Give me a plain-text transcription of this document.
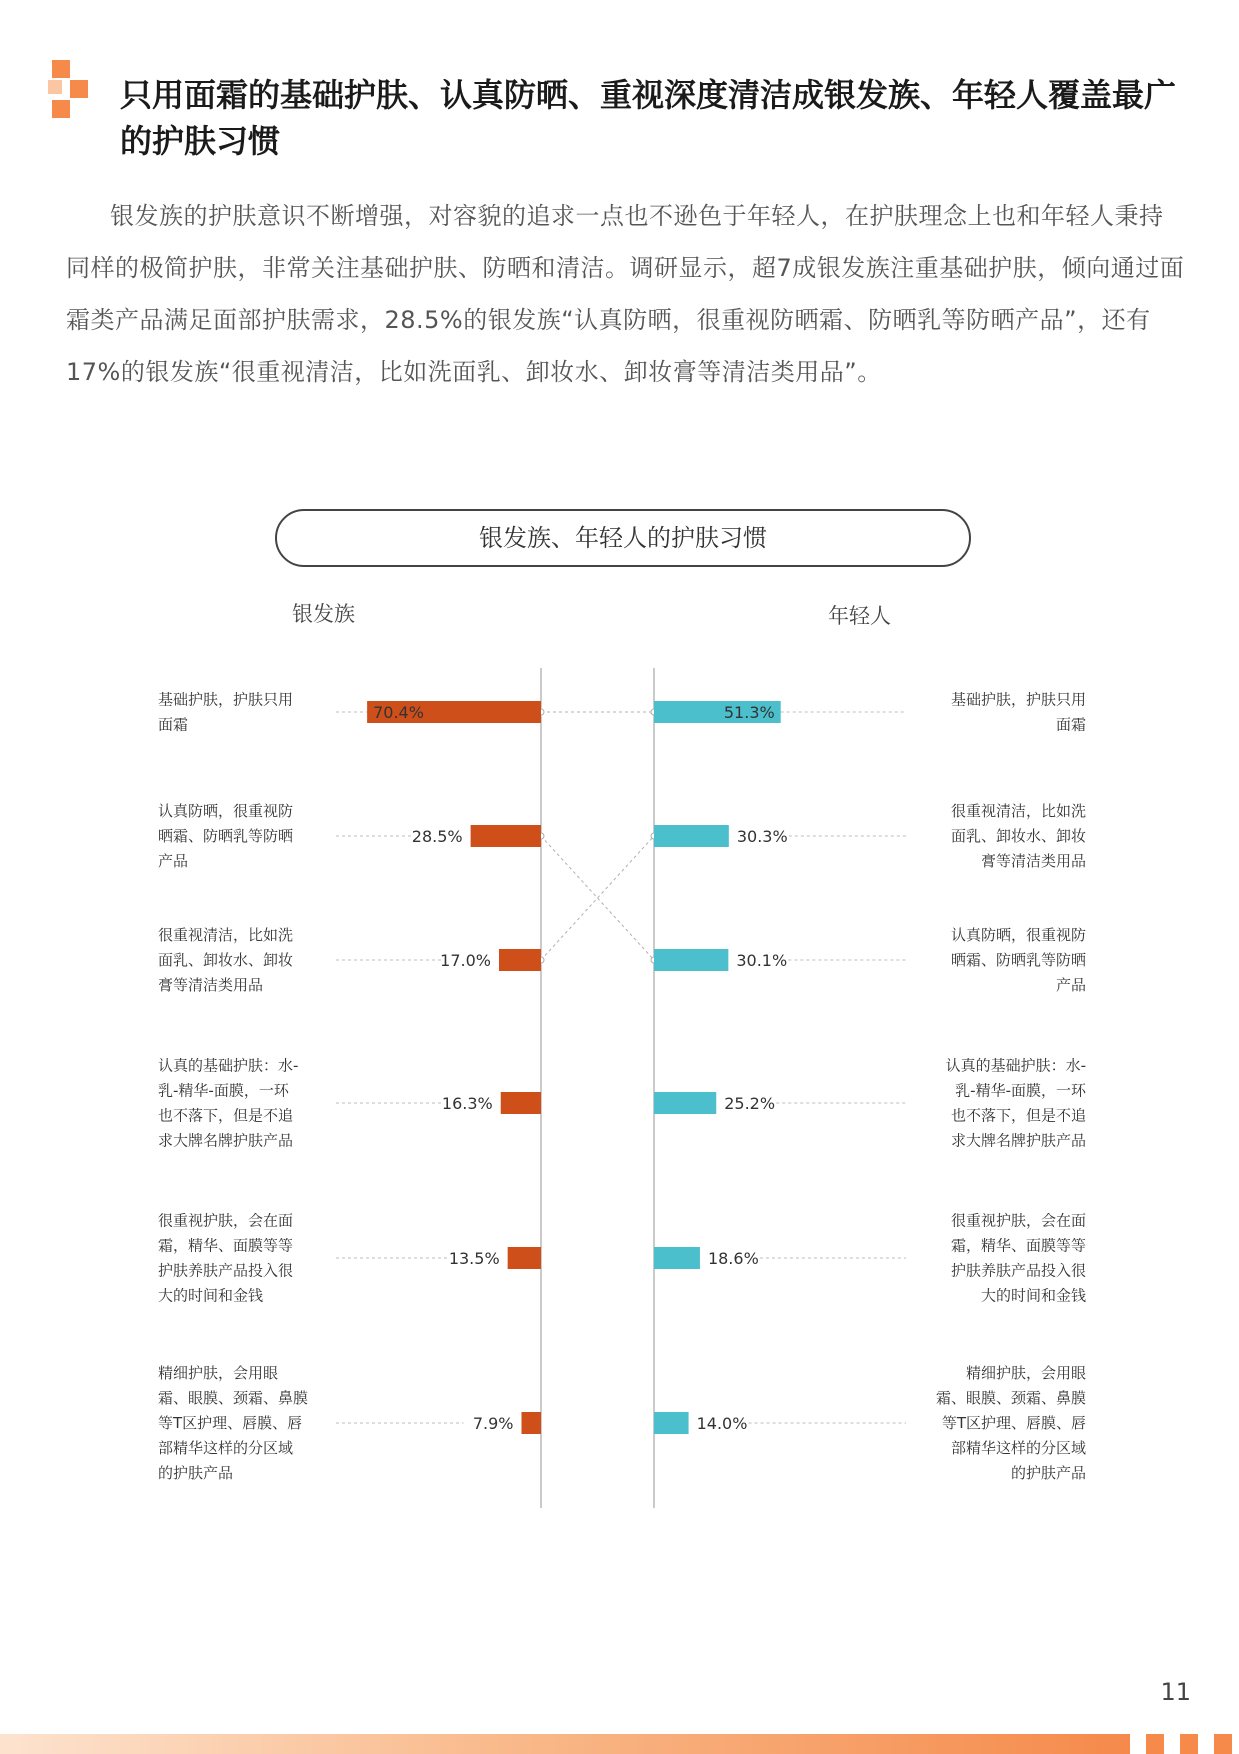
只用面霜的基础护肤、认真防晒、重视深度清洁成银发族、年轻人覆盖最广的护肤习惯
银发族的护肤意识不断增强，对容貌的追求一点也不逊色于年轻人，在护肤理念上也和年轻人秉持同样的极简护肤，非常关注基础护肤、防晒和清洁。调研显示，超7成银发族注重基础护肤，倾向通过面霜类产品满足面部护肤需求，28.5%的银发族“认真防晒，很重视防晒霜、防晒乳等防晒产品”，还有17%的银发族“很重视清洁，比如洗面乳、卸妆水、卸妆膏等清洁类用品”。
银发族、年轻人的护肤习惯
银发族	年轻人
70.4%
基础护肤，护肤只用
面霜
28.5%
认真防晒，很重视防
晒霜、防晒乳等防晒
产品
17.0%
很重视清洁，比如洗
面乳、卸妆水、卸妆
膏等清洁类用品
16.3%
认真的基础护肤：水-
乳-精华-面膜，一环
也不落下，但是不追
求大牌名牌护肤产品
13.5%
很重视护肤，会在面
霜，精华、面膜等等
护肤养肤产品投入很
大的时间和金钱
7.9%
精细护肤，会用眼
霜、眼膜、颈霜、鼻膜
等T区护理、唇膜、唇
部精华这样的分区域
的护肤产品
51.3%
基础护肤，护肤只用
面霜
30.3%
很重视清洁，比如洗
面乳、卸妆水、卸妆
膏等清洁类用品
30.1%
认真防晒，很重视防
晒霜、防晒乳等防晒
产品
25.2%
认真的基础护肤：水-
乳-精华-面膜，一环
也不落下，但是不追
求大牌名牌护肤产品
18.6%
很重视护肤，会在面
霜，精华、面膜等等
护肤养肤产品投入很
大的时间和金钱
14.0%
精细护肤，会用眼
霜、眼膜、颈霜、鼻膜
等T区护理、唇膜、唇
部精华这样的分区域
的护肤产品
11
